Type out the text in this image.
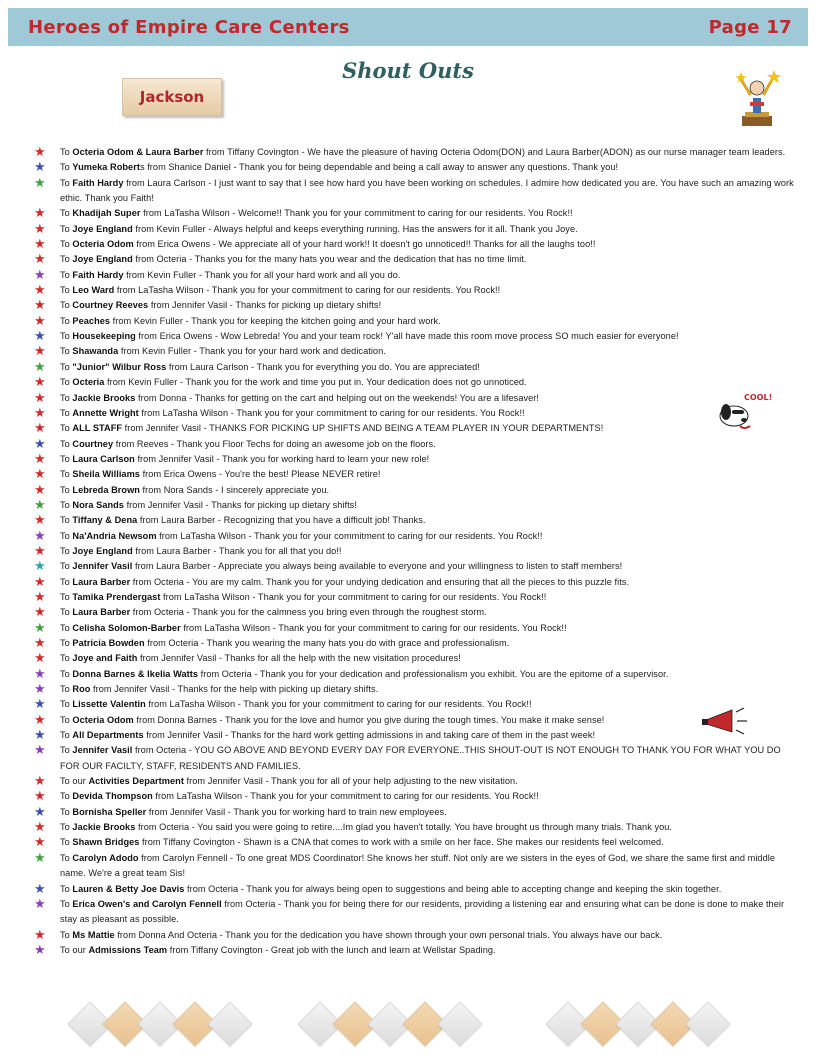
Heroes of Empire Care Centers	Page 17
Shout Outs
Jackson
COOL!
★ To Octeria Odom & Laura Barber from Tiffany Covington - We have the pleasure of having Octeria Odom(DON) and Laura Barber(ADON) as our nurse manager team leaders.
★ To Yumeka Roberts from Shanice Daniel - Thank you for being dependable and being a call away to answer any questions. Thank you!
★ To Faith Hardy from Laura Carlson - I just want to say that I see how hard you have been working on schedules. I admire how dedicated you are. You have such an amazing work ethic. Thank you Faith!
★ To Khadijah Super from LaTasha Wilson - Welcome!! Thank you for your commitment to caring for our residents. You Rock!!
★ To Joye England from Kevin Fuller - Always helpful and keeps everything running. Has the answers for it all. Thank you Joye.
★ To Octeria Odom from Erica Owens - We appreciate all of your hard work!! It doesn't go unnoticed!! Thanks for all the laughs too!!
★ To Joye England from Octeria - Thanks you for the many hats you wear and the dedication that has no time limit.
★ To Faith Hardy from Kevin Fuller - Thank you for all your hard work and all you do.
★ To Leo Ward from LaTasha Wilson - Thank you for your commitment to caring for our residents. You Rock!!
★ To Courtney Reeves from Jennifer Vasil - Thanks for picking up dietary shifts!
★ To Peaches from Kevin Fuller - Thank you for keeping the kitchen going and your hard work.
★ To Housekeeping from Erica Owens - Wow Lebreda! You and your team rock! Y'all have made this room move process SO much easier for everyone!
★ To Shawanda from Kevin Fuller - Thank you for your hard work and dedication.
★ To "Junior" Wilbur Ross from Laura Carlson - Thank you for everything you do. You are appreciated!
★ To Octeria from Kevin Fuller - Thank you for the work and time you put in. Your dedication does not go unnoticed.
★ To Jackie Brooks from Donna - Thanks for getting on the cart and helping out on the weekends! You are a lifesaver!
★ To Annette Wright from LaTasha Wilson - Thank you for your commitment to caring for our residents. You Rock!!
★ To ALL STAFF from Jennifer Vasil - THANKS FOR PICKING UP SHIFTS AND BEING A TEAM PLAYER IN YOUR DEPARTMENTS!
★ To Courtney from Reeves - Thank you Floor Techs for doing an awesome job on the floors.
★ To Laura Carlson from Jennifer Vasil - Thank you for working hard to learn your new role!
★ To Sheila Williams from Erica Owens - You're the best! Please NEVER retire!
★ To Lebreda Brown from Nora Sands - I sincerely appreciate you.
★ To Nora Sands from Jennifer Vasil - Thanks for picking up dietary shifts!
★ To Tiffany & Dena from Laura Barber - Recognizing that you have a difficult job! Thanks.
★ To Na'Andria Newsom from LaTasha Wilson - Thank you for your commitment to caring for our residents. You Rock!!
★ To Joye England from Laura Barber - Thank you for all that you do!!
★ To Jennifer Vasil from Laura Barber - Appreciate you always being available to everyone and your willingness to listen to staff members!
★ To Laura Barber from Octeria - You are my calm. Thank you for your undying dedication and ensuring that all the pieces to this puzzle fits.
★ To Tamika Prendergast from LaTasha Wilson - Thank you for your commitment to caring for our residents. You Rock!!
★ To Laura Barber from Octeria - Thank you for the calmness you bring even through the roughest storm.
★ To Celisha Solomon-Barber from LaTasha Wilson - Thank you for your commitment to caring for our residents. You Rock!!
★ To Patricia Bowden from Octeria - Thank you wearing the many hats you do with grace and professionalism.
★ To Joye and Faith from Jennifer Vasil - Thanks for all the help with the new visitation procedures!
★ To Donna Barnes & Ikelia Watts from Octeria - Thank you for your dedication and professionalism you exhibit. You are the epitome of a supervisor.
★ To Roo from Jennifer Vasil - Thanks for the help with picking up dietary shifts.
★ To Lissette Valentin from LaTasha Wilson - Thank you for your commitment to caring for our residents. You Rock!!
★ To Octeria Odom from Donna Barnes - Thank you for the love and humor you give during the tough times. You make it make sense!
★ To All Departments from Jennifer Vasil - Thanks for the hard work getting admissions in and taking care of them in the past week!
★ To Jennifer Vasil from Octeria - YOU GO ABOVE AND BEYOND EVERY DAY FOR EVERYONE..THIS SHOUT-OUT IS NOT ENOUGH TO THANK YOU FOR WHAT YOU DO FOR OUR FACILTY, STAFF, RESIDENTS AND FAMILIES.
★ To our Activities Department from Jennifer Vasil - Thank you for all of your help adjusting to the new visitation.
★ To Devida Thompson from LaTasha Wilson - Thank you for your commitment to caring for our residents. You Rock!!
★ To Bornisha Speller from Jennifer Vasil - Thank you for working hard to train new employees.
★ To Jackie Brooks from Octeria - You said you were going to retire....Im glad you haven't totally. You have brought us through many trials. Thank you.
★ To Shawn Bridges from Tiffany Covington - Shawn is a CNA that comes to work with a smile on her face. She makes our residents feel welcomed.
★ To Carolyn Adodo from Carolyn Fennell - To one great MDS Coordinator! She knows her stuff. Not only are we sisters in the eyes of God, we share the same first and middle name. We're a great team Sis!
★ To Lauren & Betty Joe Davis from Octeria - Thank you for always being open to suggestions and being able to accepting change and keeping the skin together.
★ To Erica Owen's and Carolyn Fennell from Octeria - Thank you for being there for our residents, providing a listening ear and ensuring what can be done is done to make their stay as pleasant as possible.
★ To Ms Mattie from Donna And Octeria - Thank you for the dedication you have shown through your own personal trials. You always have our back.
★ To our Admissions Team from Tiffany Covington - Great job with the lunch and learn at Wellstar Spading.
